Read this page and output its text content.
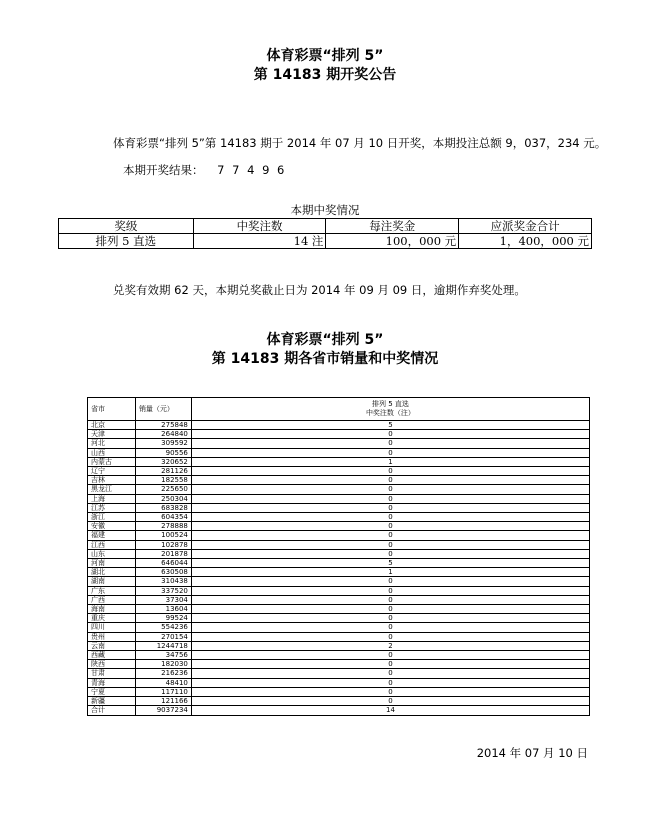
体育彩票“排列 5”
第 14183 期开奖公告
体育彩票“排列 5”第 14183 期于 2014 年 07 月 10 日开奖，本期投注总额 9，037，234 元。
本期开奖结果： 7 7 4 9 6
本期中奖情况
奖级	中奖注数	每注奖金	应派奖金合计
排列 5 直选	14 注	100，000 元	1，400，000 元
兑奖有效期 62 天，本期兑奖截止日为 2014 年 09 月 09 日，逾期作弃奖处理。
体育彩票“排列 5”
第 14183 期各省市销量和中奖情况
省市	销量（元）	排列 5 直选
中奖注数（注）

北京	275848	5
天津	264840	0
河北	309592	0
山西	90556	0
内蒙古	320652	1
辽宁	281126	0
吉林	182558	0
黑龙江	225650	0
上海	250304	0
江苏	683828	0
浙江	604354	0
安徽	278888	0
福建	100524	0
江西	102878	0
山东	201878	0
河南	646044	5
湖北	630508	1
湖南	310438	0
广东	337520	0
广西	37304	0
海南	13604	0
重庆	99524	0
四川	554236	0
贵州	270154	0
云南	1244718	2
西藏	34756	0
陕西	182030	0
甘肃	216236	0
青海	48410	0
宁夏	117110	0
新疆	121166	0
合计	9037234	14
2014 年 07 月 10 日
